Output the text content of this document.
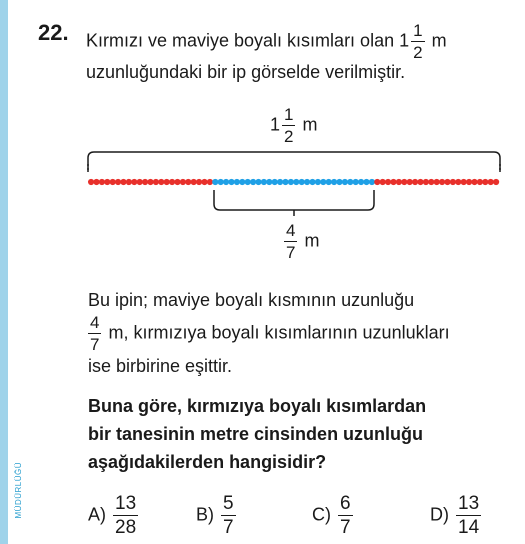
MÜDÜRLÜĞÜ
22. Kırmızı ve maviye boyalı kısımları olan $1 \frac{1}{2}$ m
uzunluğundaki bir ip görselde verilmiştir.
$1 \frac{1}{2}$ m
$\frac{4}{7}$ m
Bu ipin; maviye boyalı kısmının uzunluğu
$\frac{4}{7} m$, kırmızıya boyalı kısımlarının uzunlukları
ise birbirine eşittir.
Buna göre, kırmızıya boyalı kısımlardan
bir tanesinin metre cinsinden uzunluğu
aşağıdakilerden hangisidir?
$A) \frac{13}{28}$	$B) \frac{5}{7}$	$C) \frac{6}{7}$	$D) \frac{13}{14}$
